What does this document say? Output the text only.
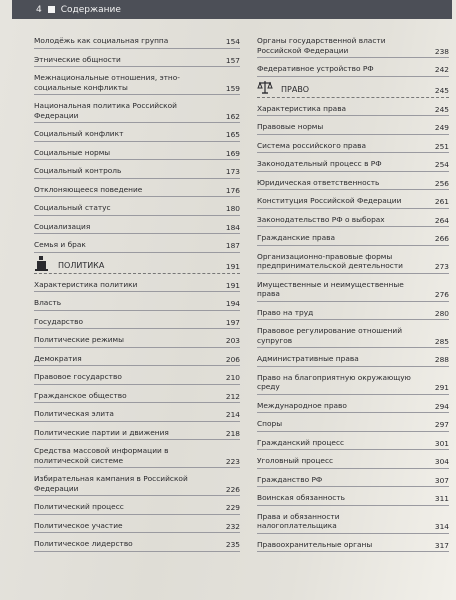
4 Содержание
Молодёжь как социальная группа	154
Этнические общности	157
Межнациональные отношения, этно-социальные конфликты	159
Национальная политика Российской Федерации	162
Социальный конфликт	165
Социальные нормы	169
Социальный контроль	173
Отклоняющееся поведение	176
Социальный статус	180
Социализация	184
Семья и брак	187
ПОЛИТИКА	191
Характеристика политики	191
Власть	194
Государство	197
Политические режимы	203
Демократия	206
Правовое государство	210
Гражданское общество	212
Политическая элита	214
Политические партии и движения	218
Средства массовой информации в политической системе	223
Избирательная кампания в Российской Федерации	226
Политический процесс	229
Политическое участие	232
Политическое лидерство	235
Органы государственной власти Российской Федерации	238
Федеративное устройство РФ	242
ПРАВО	245
Характеристика права	245
Правовые нормы	249
Система российского права	251
Законодательный процесс в РФ	254
Юридическая ответственность	256
Конституция Российской Федерации	261
Законодательство РФ о выборах	264
Гражданские права	266
Организационно-правовые формы предпринимательской деятельности	273
Имущественные и неимущественные права	276
Право на труд	280
Правовое регулирование отношений супругов	285
Административные права	288
Право на благоприятную окружающую среду	291
Международное право	294
Споры	297
Гражданский процесс	301
Уголовный процесс	304
Гражданство РФ	307
Воинская обязанность	311
Права и обязанности налогоплательщика	314
Правоохранительные органы	317
